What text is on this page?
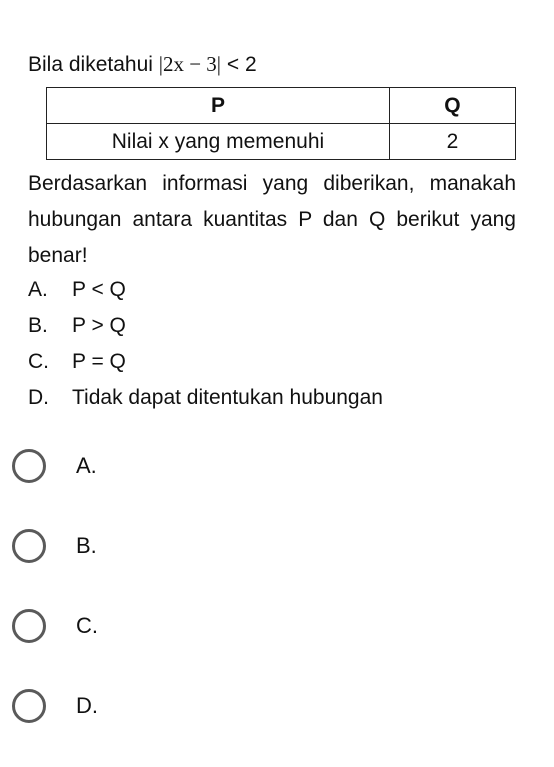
Bila diketahui |2x − 3| < 2
P	Q
Nilai x yang memenuhi	2
Berdasarkan informasi yang diberikan, manakah hubungan antara kuantitas P dan Q berikut yang benar!
A. P < Q
B. P > Q
C. P = Q
D. Tidak dapat ditentukan hubungan
A.
B.
C.
D.
